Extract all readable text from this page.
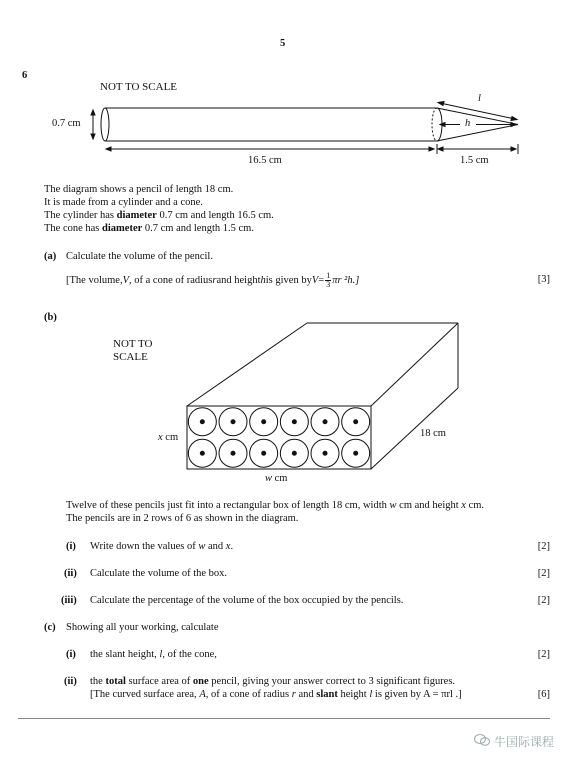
5
6
NOT TO SCALE
0.7 cm
16.5 cm	1.5 cm
l
h
The diagram shows a pencil of length 18 cm.
It is made from a cylinder and a cone.
The cylinder has diameter 0.7 cm and length 16.5 cm.
The cone has diameter 0.7 cm and length 1.5 cm.
(a) Calculate the volume of the pencil.
[The volume, V , of a cone of radius r and height h is given by $V = \frac{1}{3}$ πr ²h.]	[3]
(b)
NOT TO
SCALE
x cm
w cm
18 cm
Twelve of these pencils just fit into a rectangular box of length 18 cm, width w cm and height x cm.
The pencils are in 2 rows of 6 as shown in the diagram.
(i) Write down the values of w and x.	[2]
(ii) Calculate the volume of the box.	[2]
(iii) Calculate the percentage of the volume of the box occupied by the pencils.	[2]
(c) Showing all your working, calculate
(i) the slant height, l, of the cone,	[2]
(ii) the total surface area of one pencil, giving your answer correct to 3 significant figures.
[The curved surface area, A, of a cone of radius r and slant height l is given by A = πrl .]	[6]
牛国际课程
